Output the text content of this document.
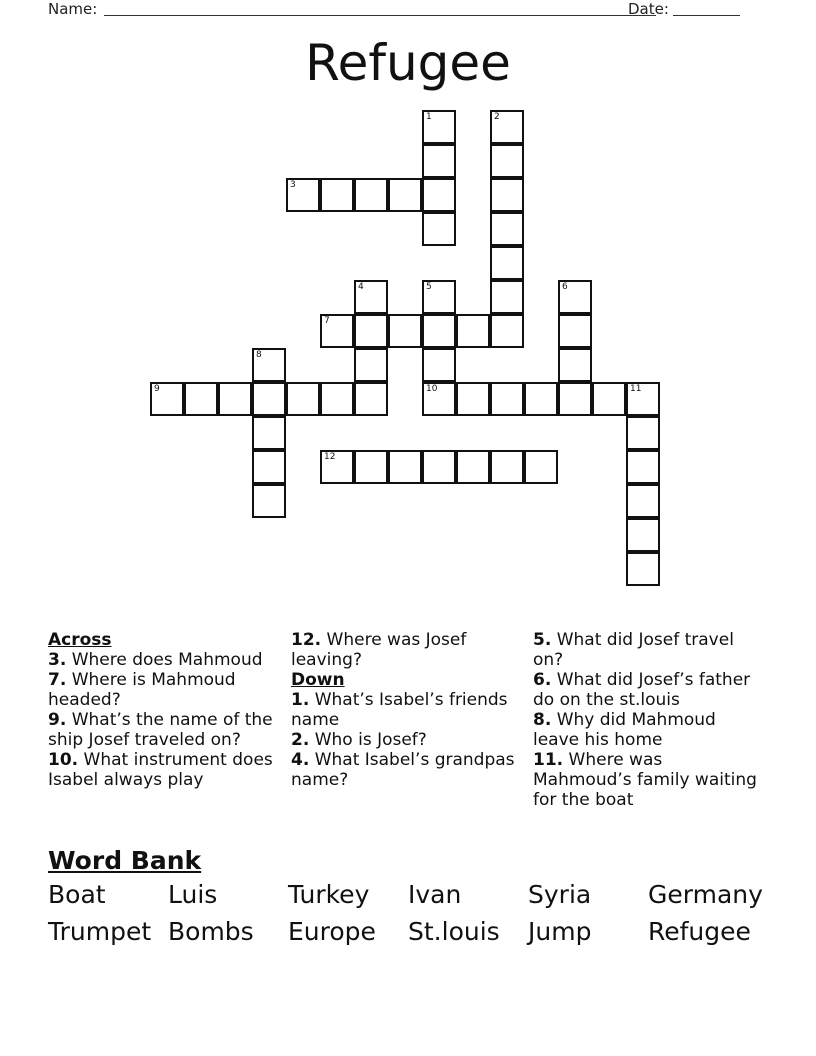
Name:	Date:
Refugee
1	2
3
4	5
10
6
7
8
9	11
12

Across

3. Where does Mahmoud

7. Where is Mahmoud headed?

9. What’s the name of the ship Josef traveled on?

10. What instrument does Isabel always play

12. Where was Josef leaving?

Down

1. What’s Isabel’s friends name

2. Who is Josef?

4. What Isabel’s grandpas name?

5. What did Josef travel on?

6. What did Josef’s father do on the st.louis

8. Why did Mahmoud leave his home

11. Where was Mahmoud’s family waiting for the boat

Word Bank
Boat	Luis	Turkey	Ivan	Syria	Germany
Trumpet Bombs	Europe	St.louis	Jump	Refugee
